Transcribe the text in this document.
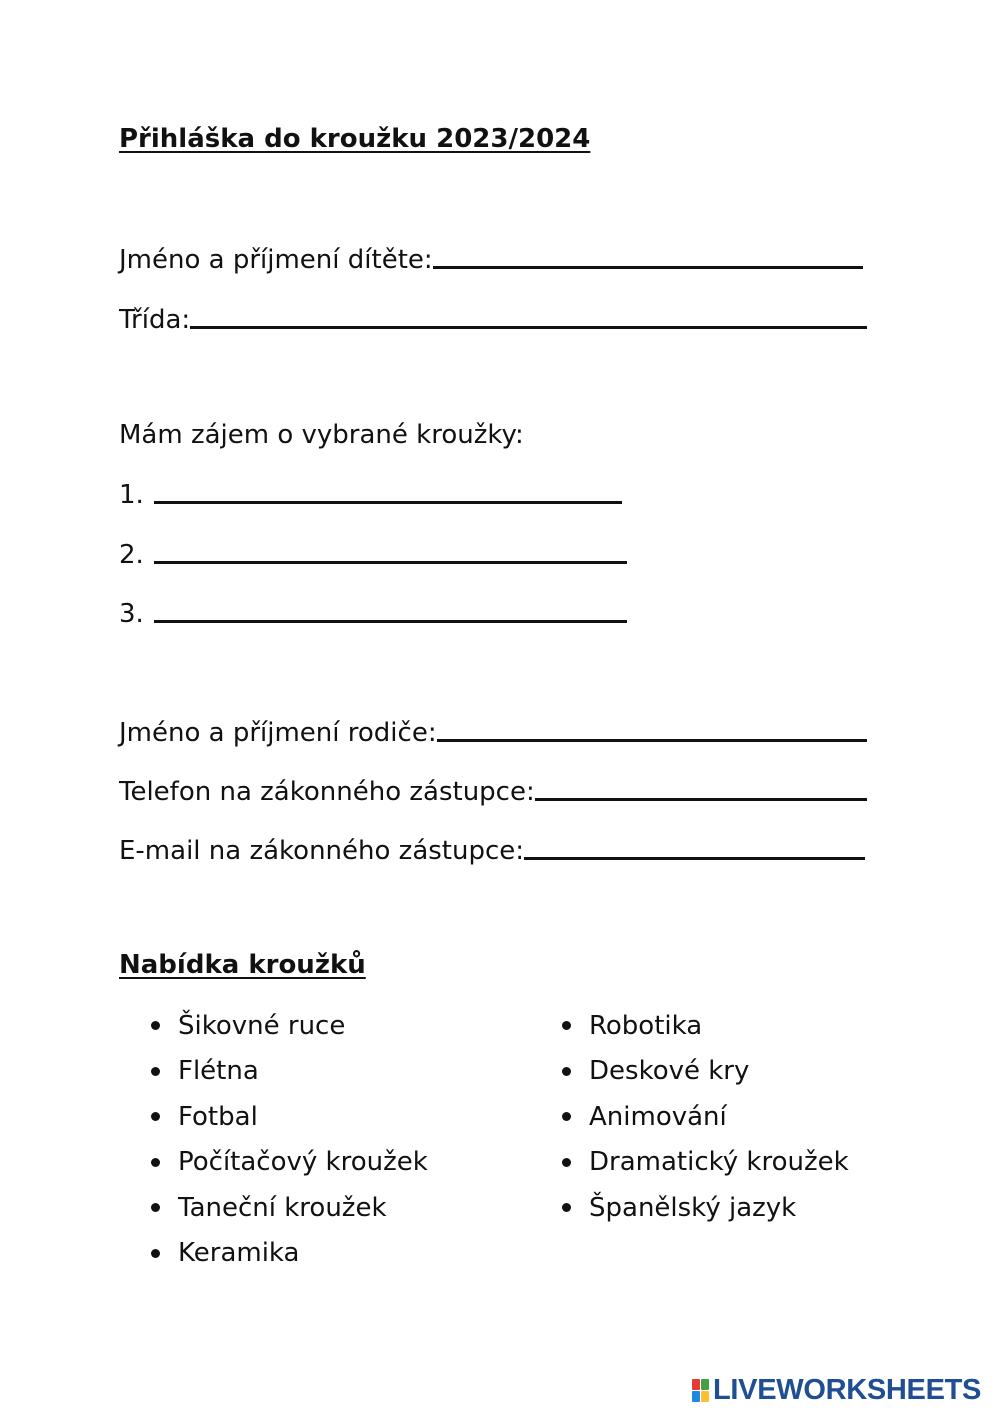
Přihláška do kroužku 2023/2024
Jméno a příjmení dítěte:
Třída:
Mám zájem o vybrané kroužky:
1.
2.
3.
Jméno a příjmení rodiče:
Telefon na zákonného zástupce:
E-mail na zákonného zástupce:
Nabídka kroužků
Šikovné ruce
Flétna
Fotbal
Počítačový kroužek
Taneční kroužek
Keramika
Robotika
Deskové kry
Animování
Dramatický kroužek
Španělský jazyk
LIVEWORKSHEETS
